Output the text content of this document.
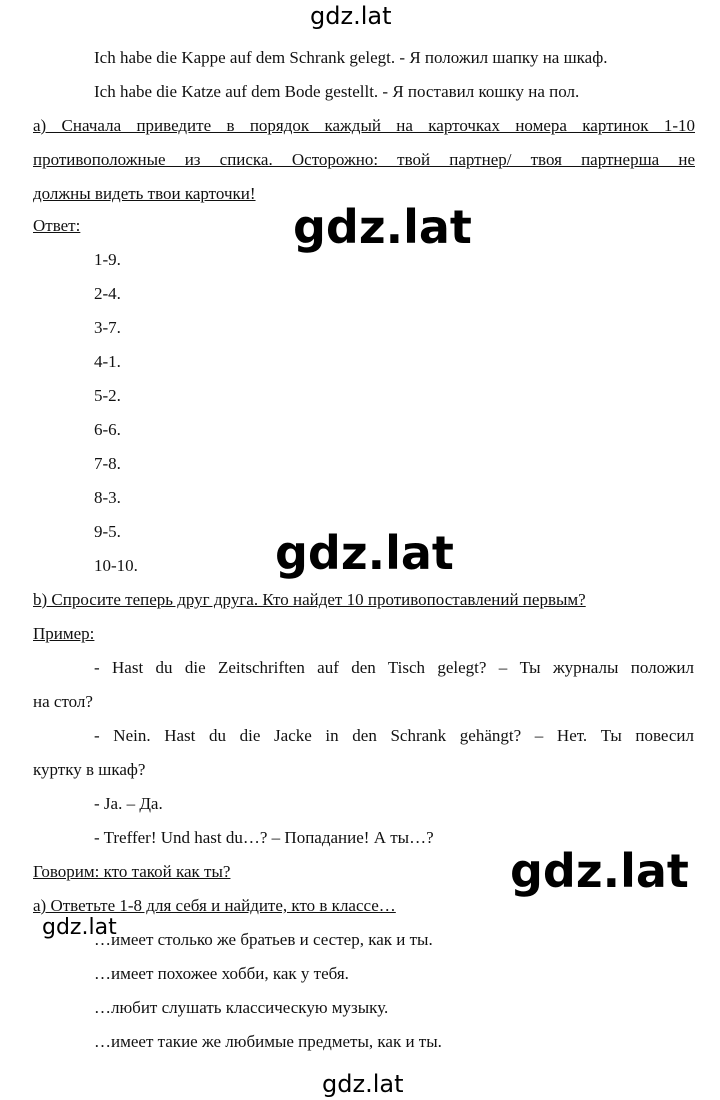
Ich habe die Kappe auf dem Schrank gelegt. - Я положил шапку на шкаф.
Ich habe die Katze auf dem Bode gestellt. - Я поставил кошку на пол.
а) Сначала приведите в порядок каждый на карточках номера картинок 1-10
противоположные из списка. Осторожно: твой партнер/ твоя партнерша не
должны видеть твои карточки!
Ответ:
1-9.
2-4.
3-7.
4-1.
5-2.
6-6.
7-8.
8-3.
9-5.
10-10.
b) Спросите теперь друг друга. Кто найдет 10 противопоставлений первым?
Пример:
- Hast du die Zeitschriften auf den Tisch gelegt? – Ты журналы положил
на стол?
- Nein. Hast du die Jacke in den Schrank gehängt? – Нет. Ты повесил
куртку в шкаф?
- Ja. – Да.
- Treffer! Und hast du…? – Попадание! А ты…?
Говорим: кто такой как ты?
а) Ответьте 1-8 для себя и найдите, кто в классе…
…имеет столько же братьев и сестер, как и ты.
…имеет похожее хобби, как у тебя.
…любит слушать классическую музыку.
…имеет такие же любимые предметы, как и ты.
gdz.lat
gdz.lat
gdz.lat
gdz.lat
gdz.lat
gdz.lat
